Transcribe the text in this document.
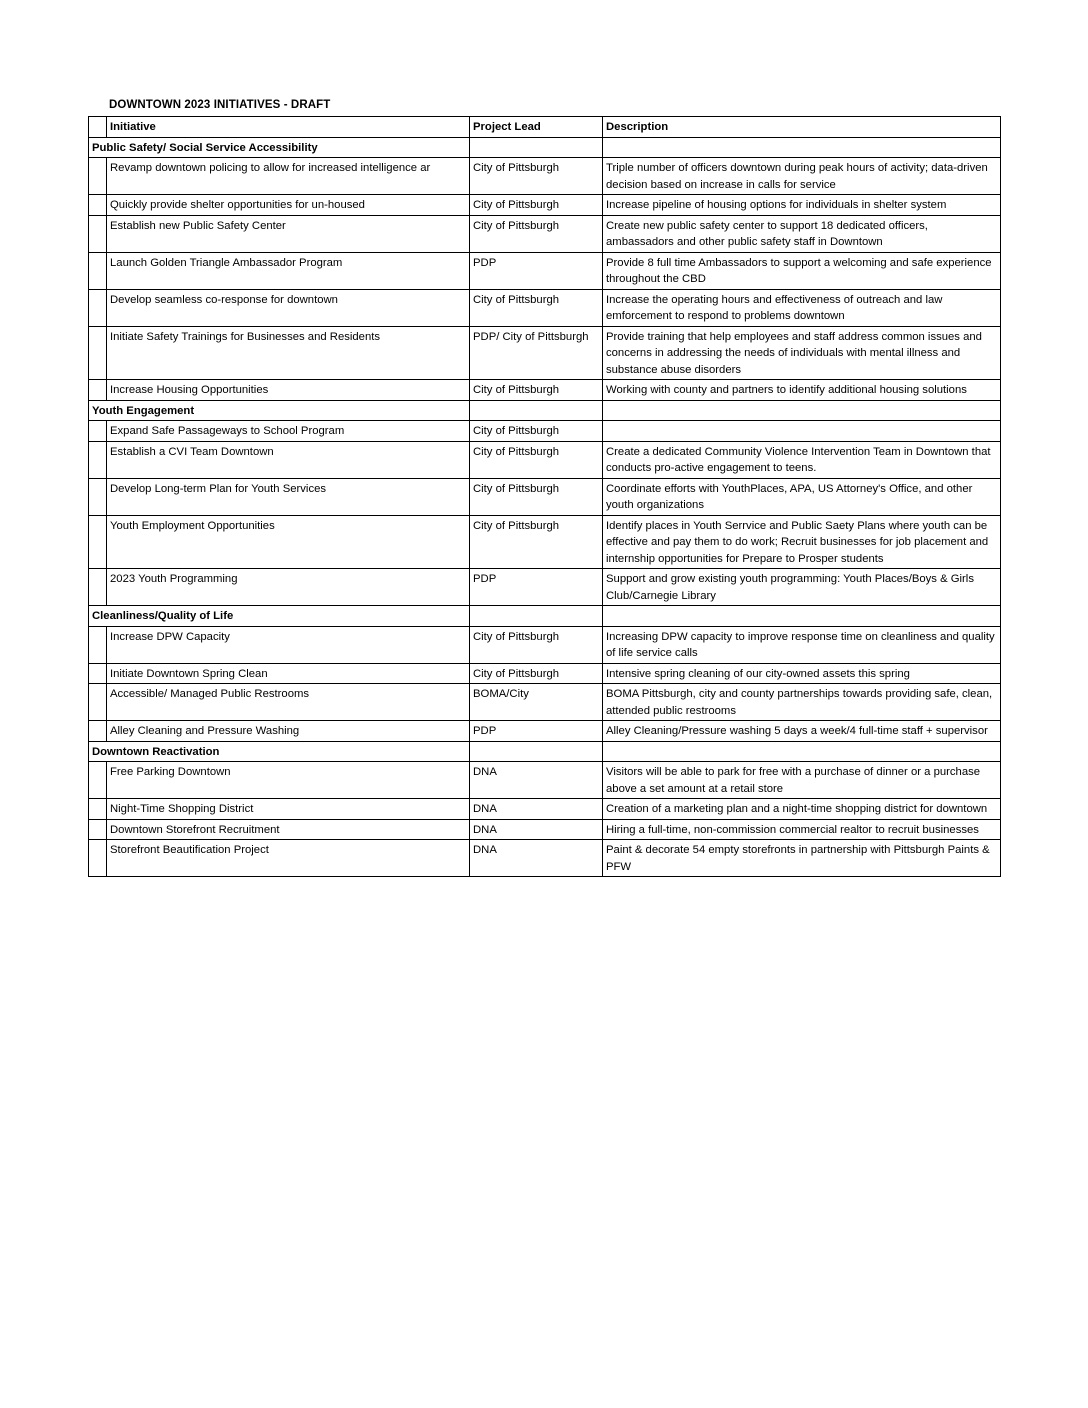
DOWNTOWN 2023 INITIATIVES - DRAFT
	Initiative	Project Lead	Description
Public Safety/ Social Service Accessibility			
	Revamp downtown policing to allow for increased intelligence ar	City of Pittsburgh	Triple number of officers downtown during peak hours of activity; data-driven decision based on increase in calls for service
	Quickly provide shelter opportunities for un-housed	City of Pittsburgh	Increase pipeline of housing options for individuals in shelter system
	Establish new Public Safety Center	City of Pittsburgh	Create new public safety center to support 18 dedicated officers, ambassadors and other public safety staff in Downtown
	Launch Golden Triangle Ambassador Program	PDP	Provide 8 full time Ambassadors to support a welcoming and safe experience throughout the CBD
	Develop seamless co-response for downtown	City of Pittsburgh	Increase the operating hours and effectiveness of outreach and law emforcement to respond to problems downtown
	Initiate Safety Trainings for Businesses and Residents	PDP/ City of Pittsburgh	Provide training that help employees and staff address common issues and concerns in addressing the needs of individuals with mental illness and substance abuse disorders
	Increase Housing Opportunities	City of Pittsburgh	Working with county and partners to identify additional housing solutions
Youth Engagement			
	Expand Safe Passageways to School Program	City of Pittsburgh	
	Establish a CVI Team Downtown	City of Pittsburgh	Create a dedicated Community Violence Intervention Team in Downtown that conducts pro-active engagement to teens.
	Develop Long-term Plan for Youth Services	City of Pittsburgh	Coordinate efforts with YouthPlaces, APA, US Attorney's Office, and other youth organizations
	Youth Employment Opportunities	City of Pittsburgh	Identify places in Youth Serrvice and Public Saety Plans where youth can be effective and pay them to do work; Recruit businesses for job placement and internship opportunities for Prepare to Prosper students
	2023 Youth Programming	PDP	Support and grow existing youth programming: Youth Places/Boys & Girls Club/Carnegie Library
Cleanliness/Quality of Life			
	Increase DPW Capacity	City of Pittsburgh	Increasing DPW capacity to improve response time on cleanliness and quality of life service calls
	Initiate Downtown Spring Clean	City of Pittsburgh	Intensive spring cleaning of our city-owned assets this spring
	Accessible/ Managed Public Restrooms	BOMA/City	BOMA Pittsburgh, city and county partnerships towards providing safe, clean, attended public restrooms
	Alley Cleaning and Pressure Washing	PDP	Alley Cleaning/Pressure washing 5 days a week/4 full-time staff + supervisor
Downtown Reactivation			
	Free Parking Downtown	DNA	Visitors will be able to park for free with a purchase of dinner or a purchase above a set amount at a retail store
	Night-Time Shopping District	DNA	Creation of a marketing plan and a night-time shopping district for downtown
	Downtown Storefront Recruitment	DNA	Hiring a full-time, non-commission commercial realtor to recruit businesses
	Storefront Beautification Project	DNA	Paint & decorate 54 empty storefronts in partnership with Pittsburgh Paints & PFW
